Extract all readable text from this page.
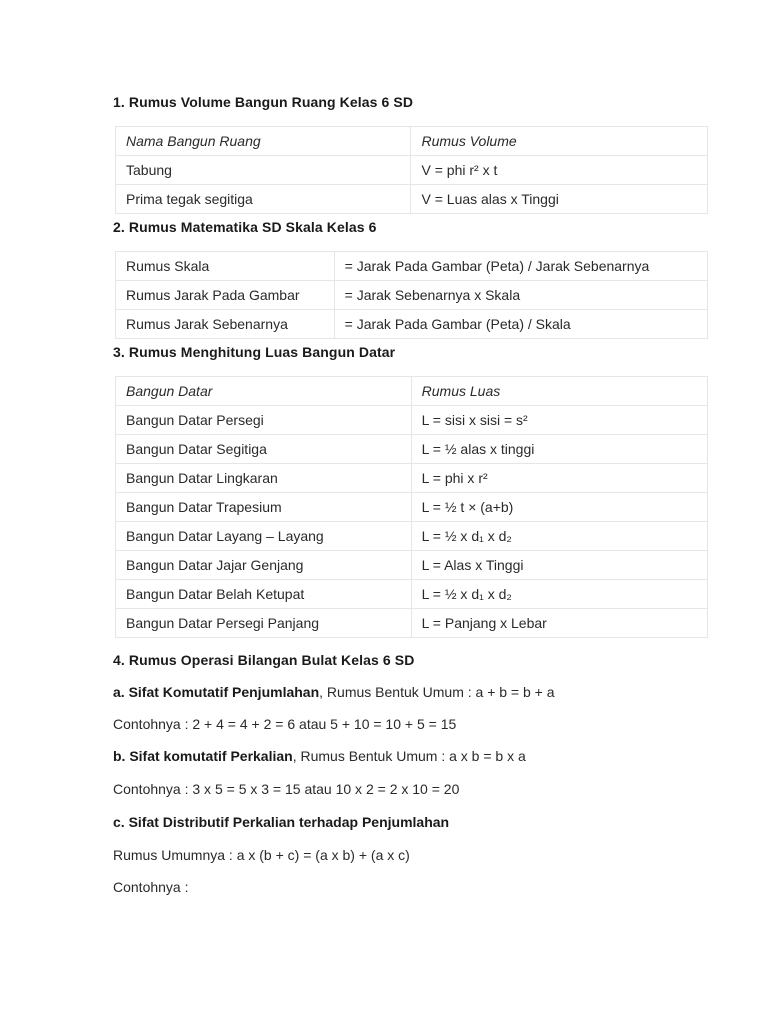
1. Rumus Volume Bangun Ruang Kelas 6 SD
Nama Bangun Ruang	Rumus Volume
Tabung	V = phi r² x t
Prima tegak segitiga	V = Luas alas x Tinggi
2. Rumus Matematika SD Skala Kelas 6
Rumus Skala	= Jarak Pada Gambar (Peta) / Jarak Sebenarnya
Rumus Jarak Pada Gambar	= Jarak Sebenarnya x Skala
Rumus Jarak Sebenarnya	= Jarak Pada Gambar (Peta) / Skala
3. Rumus Menghitung Luas Bangun Datar
Bangun Datar	Rumus Luas
Bangun Datar Persegi	L = sisi x sisi = s²
Bangun Datar Segitiga	L = ½ alas x tinggi
Bangun Datar Lingkaran	L = phi x r²
Bangun Datar Trapesium	L = ½ t × (a+b)
Bangun Datar Layang – Layang	L = ½ x d₁ x d₂
Bangun Datar Jajar Genjang	L = Alas x Tinggi
Bangun Datar Belah Ketupat	L = ½ x d₁ x d₂
Bangun Datar Persegi Panjang	L = Panjang x Lebar
4. Rumus Operasi Bilangan Bulat Kelas 6 SD
a. Sifat Komutatif Penjumlahan, Rumus Bentuk Umum : a + b = b + a
Contohnya : 2 + 4 = 4 + 2 = 6 atau 5 + 10 = 10 + 5 = 15
b. Sifat komutatif Perkalian, Rumus Bentuk Umum : a x b = b x a
Contohnya : 3 x 5 = 5 x 3 = 15 atau 10 x 2 = 2 x 10 = 20
c. Sifat Distributif Perkalian terhadap Penjumlahan
Rumus Umumnya : a x (b + c) = (a x b) + (a x c)
Contohnya :
